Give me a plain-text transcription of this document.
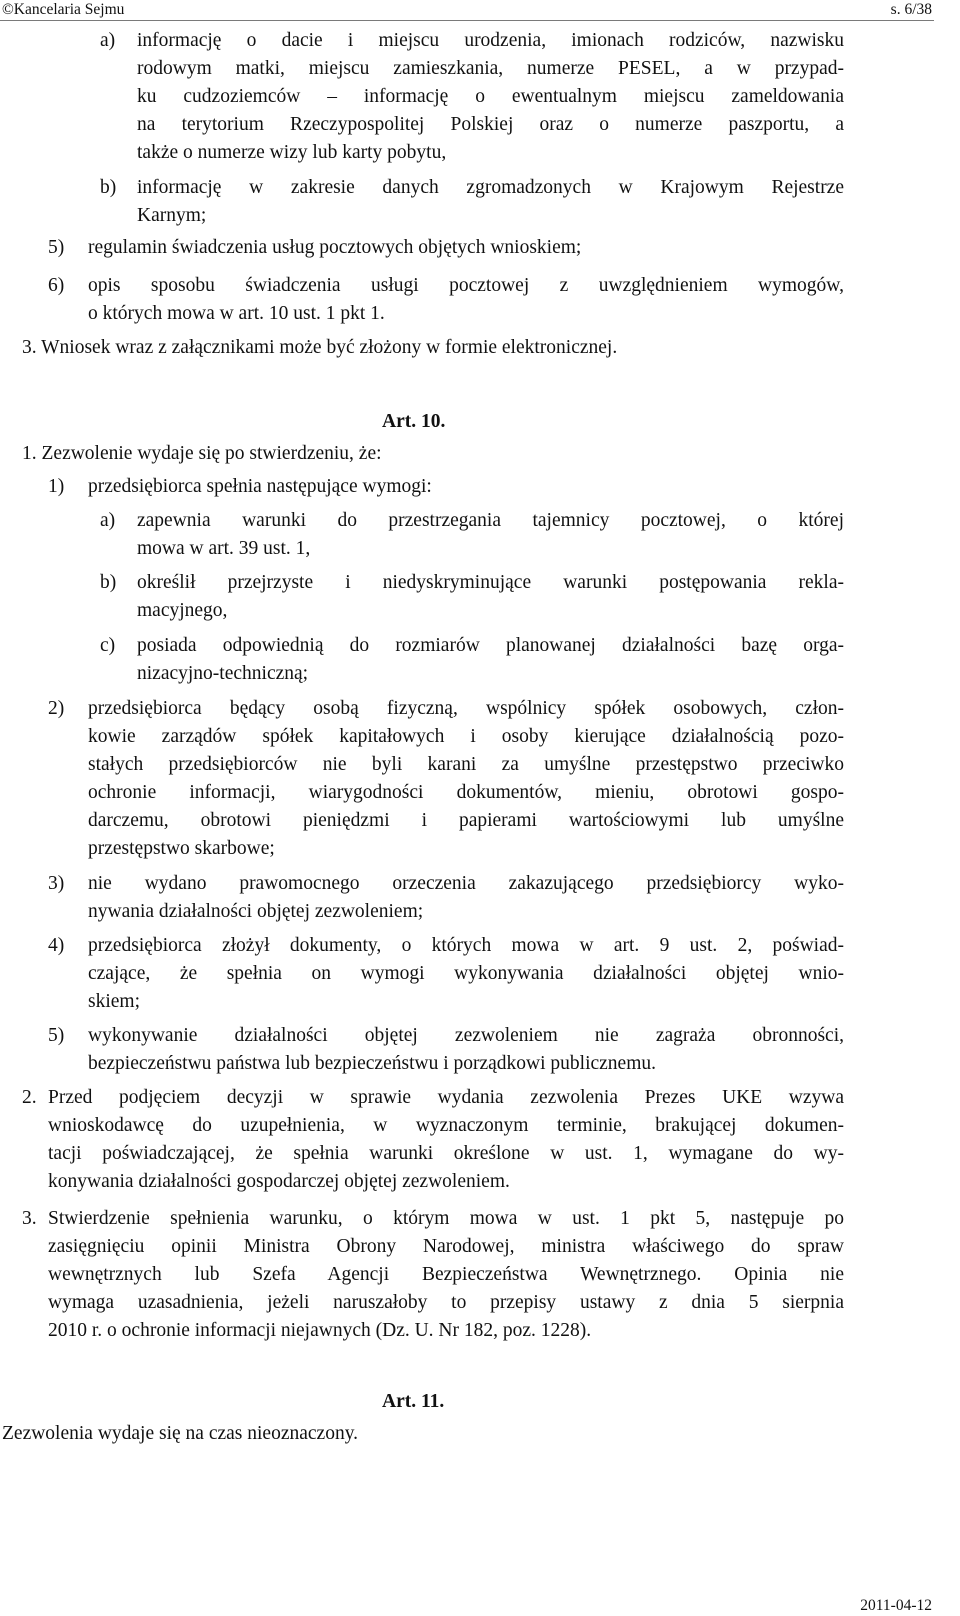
©Kancelaria Sejmu	s. 6/38
a) informację o dacie i miejscu urodzenia, imionach rodziców, nazwisku
rodowym matki, miejscu zamieszkania, numerze PESEL, a w przypad-
ku cudzoziemców – informację o ewentualnym miejscu zameldowania
na terytorium Rzeczypospolitej Polskiej oraz o numerze paszportu, a
także o numerze wizy lub karty pobytu,
b) informację w zakresie danych zgromadzonych w Krajowym Rejestrze
Karnym;
5) regulamin świadczenia usług pocztowych objętych wnioskiem;
6) opis sposobu świadczenia usługi pocztowej z uwzględnieniem wymogów,
o których mowa w art. 10 ust. 1 pkt 1.
3. Wniosek wraz z załącznikami może być złożony w formie elektronicznej.
Art. 10.
1. Zezwolenie wydaje się po stwierdzeniu, że:
1) przedsiębiorca spełnia następujące wymogi:
a) zapewnia warunki do przestrzegania tajemnicy pocztowej, o której
mowa w art. 39 ust. 1,
b) określił przejrzyste i niedyskryminujące warunki postępowania rekla-
macyjnego,
c) posiada odpowiednią do rozmiarów planowanej działalności bazę orga-
nizacyjno-techniczną;
2) przedsiębiorca będący osobą fizyczną, wspólnicy spółek osobowych, człon-
kowie zarządów spółek kapitałowych i osoby kierujące działalnością pozo-
stałych przedsiębiorców nie byli karani za umyślne przestępstwo przeciwko
ochronie informacji, wiarygodności dokumentów, mieniu, obrotowi gospo-
darczemu, obrotowi pieniędzmi i papierami wartościowymi lub umyślne
przestępstwo skarbowe;
3) nie wydano prawomocnego orzeczenia zakazującego przedsiębiorcy wyko-
nywania działalności objętej zezwoleniem;
4) przedsiębiorca złożył dokumenty, o których mowa w art. 9 ust. 2, poświad-
czające, że spełnia on wymogi wykonywania działalności objętej wnio-
skiem;
5) wykonywanie działalności objętej zezwoleniem nie zagraża obronności,
bezpieczeństwu państwa lub bezpieczeństwu i porządkowi publicznemu.
2. Przed podjęciem decyzji w sprawie wydania zezwolenia Prezes UKE wzywa
wnioskodawcę do uzupełnienia, w wyznaczonym terminie, brakującej dokumen-
tacji poświadczającej, że spełnia warunki określone w ust. 1, wymagane do wy-
konywania działalności gospodarczej objętej zezwoleniem.
3. Stwierdzenie spełnienia warunku, o którym mowa w ust. 1 pkt 5, następuje po
zasięgnięciu opinii Ministra Obrony Narodowej, ministra właściwego do spraw
wewnętrznych lub Szefa Agencji Bezpieczeństwa Wewnętrznego. Opinia nie
wymaga uzasadnienia, jeżeli naruszałoby to przepisy ustawy z dnia 5 sierpnia
2010 r. o ochronie informacji niejawnych (Dz. U. Nr 182, poz. 1228).
Art. 11.
Zezwolenia wydaje się na czas nieoznaczony.
2011-04-12
